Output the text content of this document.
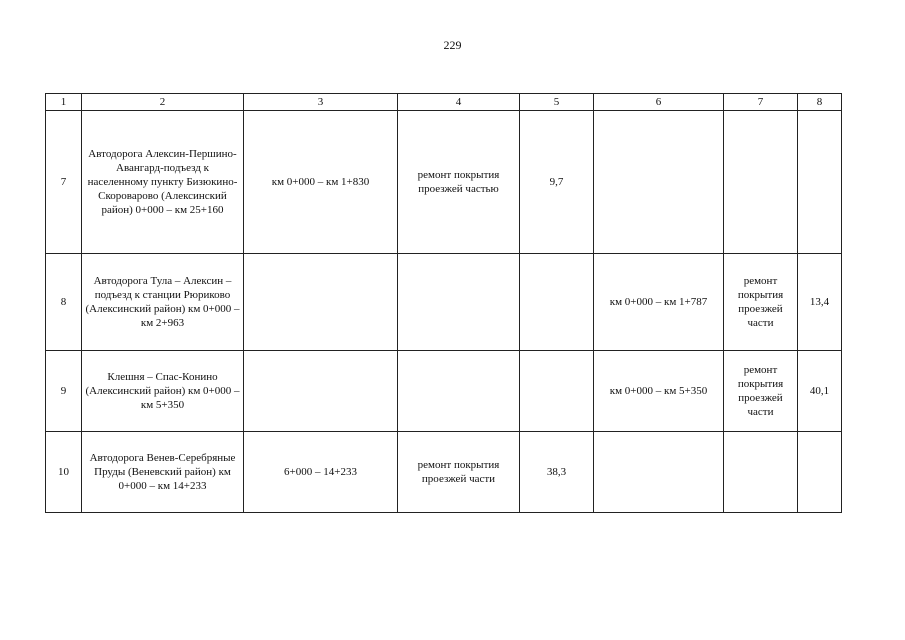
229
1	2	3	4	5	6	7	8
7	Автодорога Алексин-Першино-Авангард-подъезд к населенному пункту Бизюкино-Скороварово (Алексинский район) 0+000 – км 25+160	км 0+000 – км 1+830	ремонт покрытия проезжей частью	9,7			
8	Автодорога Тула – Алексин – подъезд к станции Рюриково (Алексинский район) км 0+000 – км 2+963				км 0+000 – км 1+787	ремонт покрытия проезжей части	13,4
9	Клешня – Спас-Конино (Алексинский район) км 0+000 – км 5+350				км 0+000 – км 5+350	ремонт покрытия проезжей части	40,1
10	Автодорога Венев-Серебряные Пруды (Веневский район) км 0+000 – км 14+233	6+000 – 14+233	ремонт покрытия проезжей части	38,3			
